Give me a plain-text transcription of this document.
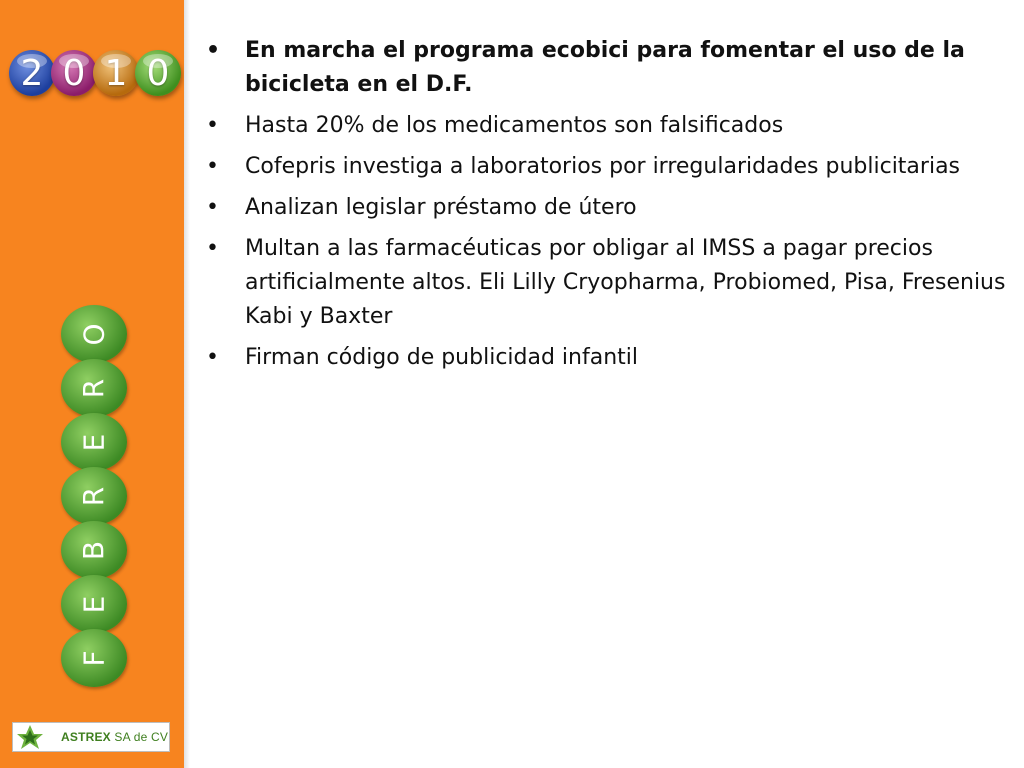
2 0 1 0
O
R
E
R
B
E
F
ASTREX SA de CV
• En marcha el programa ecobici para fomentar el uso de la bicicleta en el D.F.
• Hasta 20% de los medicamentos son falsificados
• Cofepris investiga a laboratorios por irregularidades publicitarias
• Analizan legislar préstamo de útero
• Multan a las farmacéuticas por obligar al IMSS a pagar precios artificialmente altos. Eli Lilly Cryopharma, Probiomed, Pisa, Fresenius Kabi y Baxter
• Firman código de publicidad infantil
